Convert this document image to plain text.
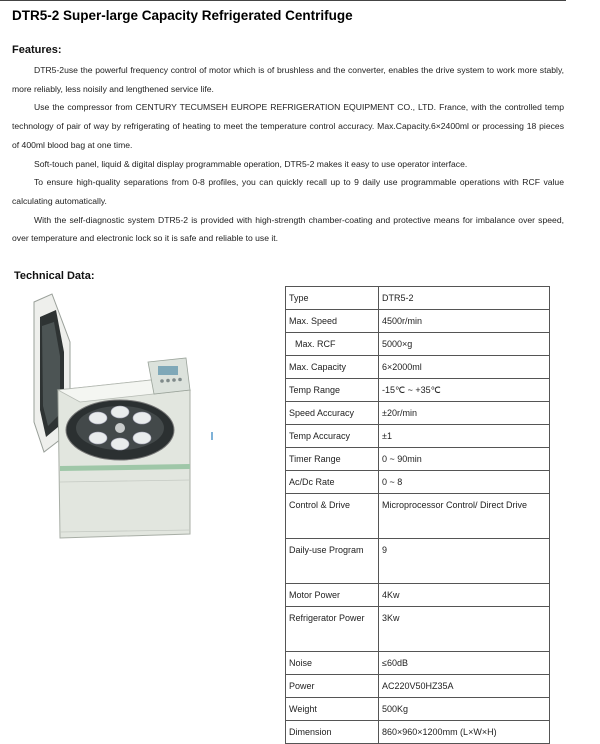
DTR5-2 Super-large Capacity Refrigerated Centrifuge
Features:

DTR5-2use the powerful frequency control of motor which is of brushless and the converter, enables the drive system to work more stably, more reliably, less noisily and lengthened service life.

Use the compressor from CENTURY TECUMSEH EUROPE REFRIGERATION EQUIPMENT CO., LTD. France, with the controlled temp technology of pair of way by refrigerating of heating to meet the temperature control accuracy. Max.Capacity.6×2400ml or processing 18 pieces of 400ml blood bag at one time.

Soft-touch panel, liquid & digital display programmable operation, DTR5-2 makes it easy to use operator interface.

To ensure high-quality separations from 0-8 profiles, you can quickly recall up to 9 daily use programmable operations with RCF value calculating automatically.

With the self-diagnostic system DTR5-2 is provided with high-strength chamber-coating and protective means for imbalance over speed, over temperature and electronic lock so it is safe and reliable to use it.

Technical Data:
Type	DTR5-2
Max. Speed	4500r/min
Max. RCF	5000×g
Max. Capacity	6×2000ml
Temp Range	-15℃ ~ +35℃
Speed Accuracy	±20r/min
Temp Accuracy	±1
Timer Range	0 ~ 90min
Ac/Dc Rate	0 ~ 8
Control & Drive	Microprocessor Control/ Direct Drive
Daily-use Program	9
Motor Power	4Kw
Refrigerator Power	3Kw
Noise	≤60dB
Power	AC220V50HZ35A
Weight	500Kg
Dimension	860×960×1200mm (L×W×H)
